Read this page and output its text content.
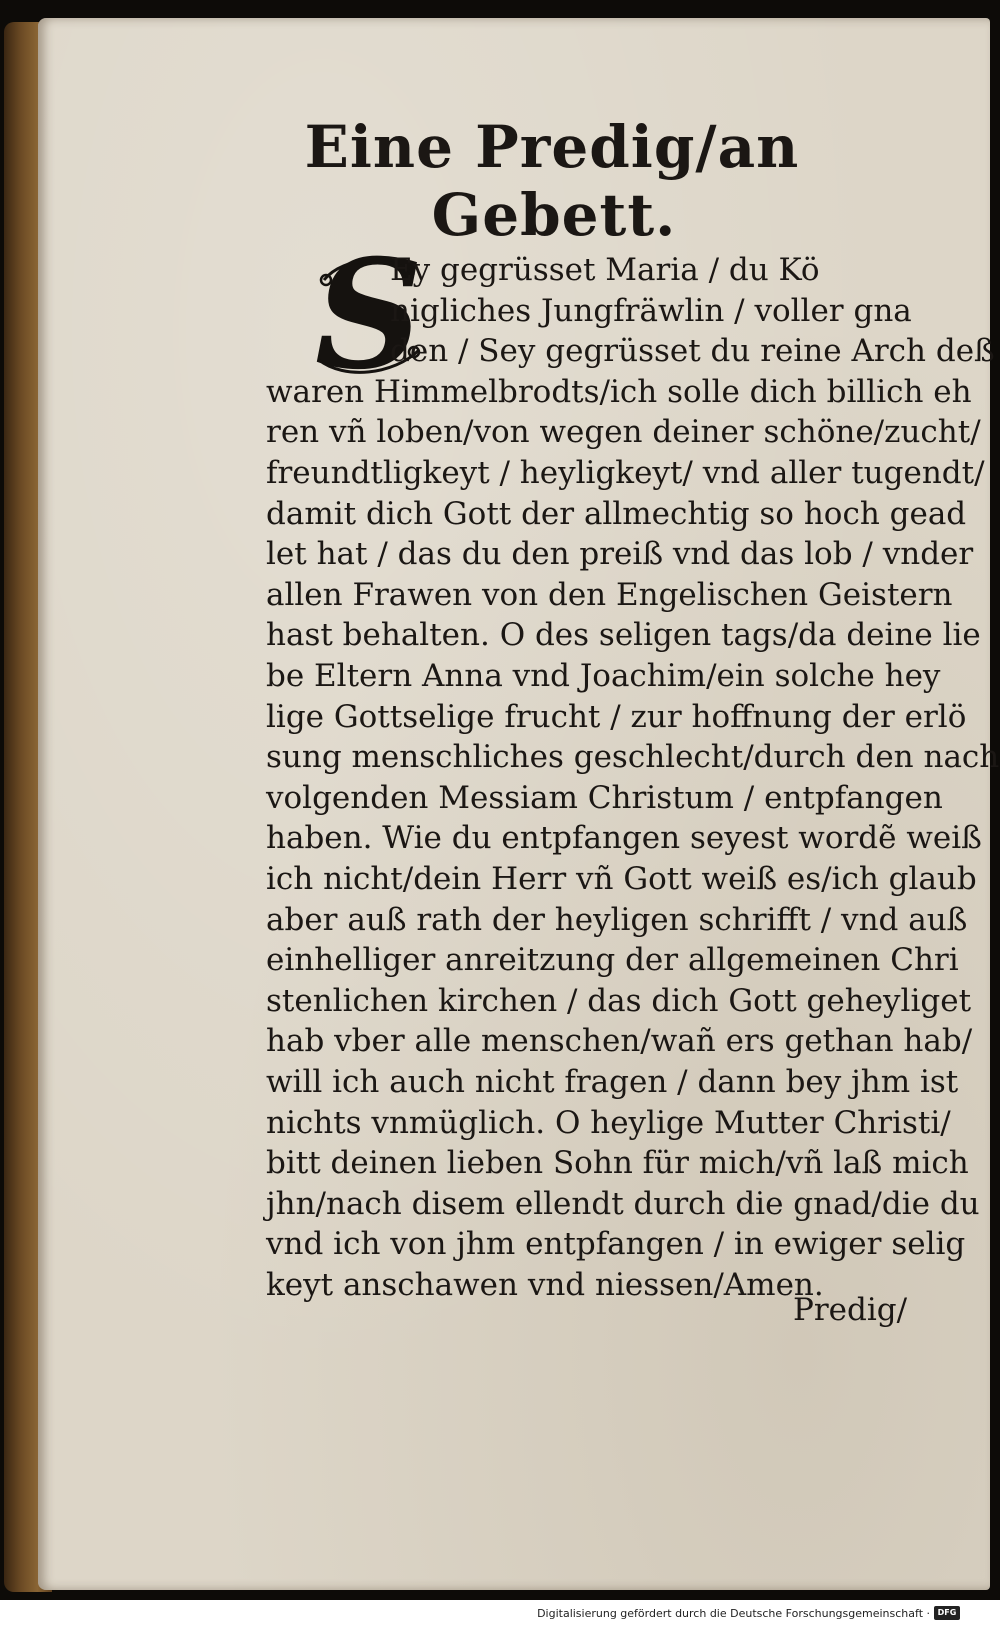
Eine Predig/an
Gebett.
S
Ey gegrüsset Maria / du Kö
nigliches Jungfräwlin / voller gna
den / Sey gegrüsset du reine Arch deß
waren Himmelbrodts/ich solle dich billich eh
ren vñ loben/von wegen deiner schöne/zucht/
freundtligkeyt / heyligkeyt/ vnd aller tugendt/
damit dich Gott der allmechtig so hoch gead
let hat / das du den preiß vnd das lob / vnder
allen Frawen von den Engelischen Geistern
hast behalten. O des seligen tags/da deine lie
be Eltern Anna vnd Joachim/ein solche hey
lige Gottselige frucht / zur hoffnung der erlö
sung menschliches geschlecht/durch den nach
volgenden Messiam Christum / entpfangen
haben. Wie du entpfangen seyest wordẽ weiß
ich nicht/dein Herr vñ Gott weiß es/ich glaub
aber auß rath der heyligen schrifft / vnd auß
einhelliger anreitzung der allgemeinen Chri
stenlichen kirchen / das dich Gott geheyliget
hab vber alle menschen/wañ ers gethan hab/
will ich auch nicht fragen / dann bey jhm ist
nichts vnmüglich. O heylige Mutter Christi/
bitt deinen lieben Sohn für mich/vñ laß mich
jhn/nach disem ellendt durch die gnad/die du
vnd ich von jhm entpfangen / in ewiger selig
keyt anschawen vnd niessen/Amen.
Predig/
Digitalisierung gefördert durch die Deutsche Forschungsgemeinschaft · DFG
